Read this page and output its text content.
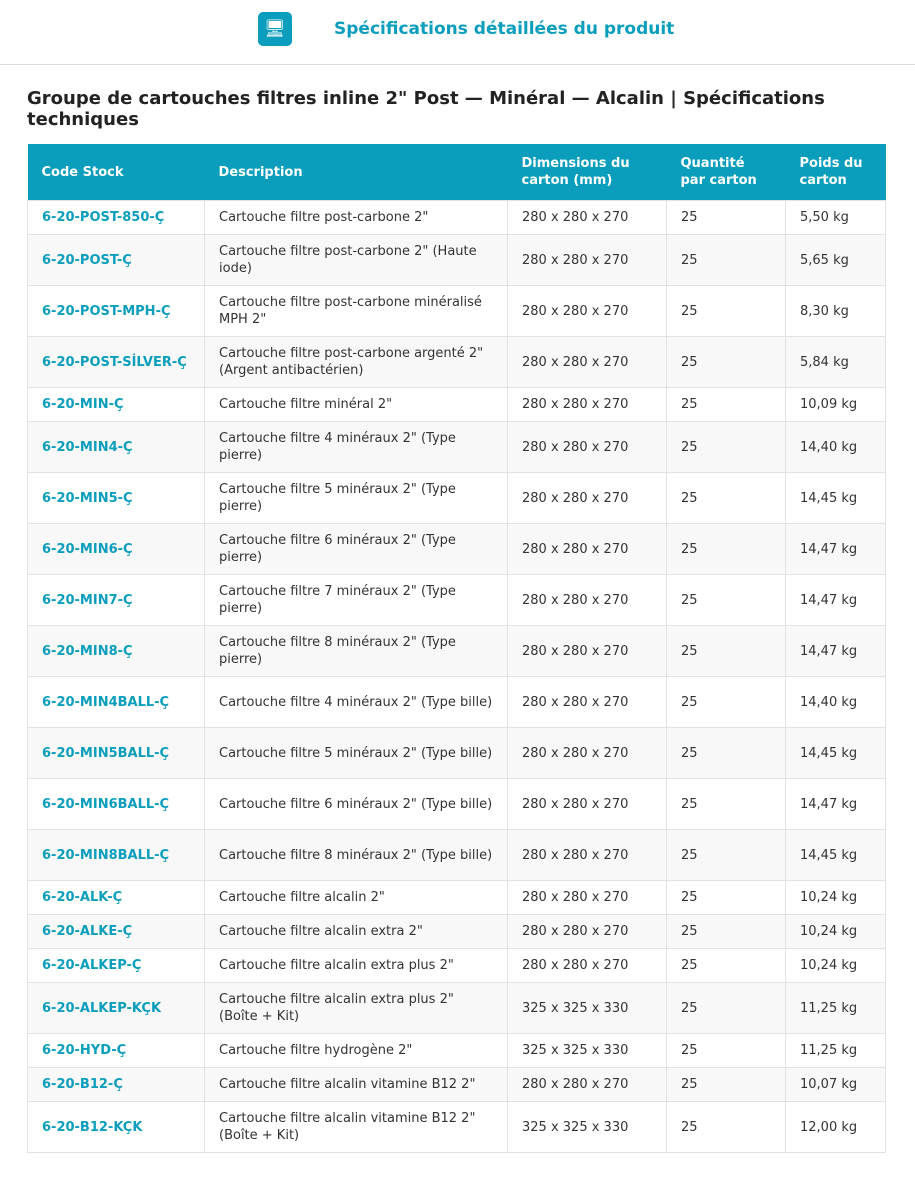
🖥	Spécifications détaillées du produit
Groupe de cartouches filtres inline 2" Post — Minéral — Alcalin | Spécifications techniques
Code Stock	Description	Dimensions du carton (mm)	Quantité par carton	Poids du carton
6-20-POST-850-Ç	Cartouche filtre post-carbone 2"	280 x 280 x 270	25	5,50 kg
6-20-POST-Ç	Cartouche filtre post-carbone 2" (Haute iode)	280 x 280 x 270	25	5,65 kg
6-20-POST-MPH-Ç	Cartouche filtre post-carbone minéralisé MPH 2"	280 x 280 x 270	25	8,30 kg
6-20-POST-SİLVER-Ç	Cartouche filtre post-carbone argenté 2" (Argent antibactérien)	280 x 280 x 270	25	5,84 kg
6-20-MIN-Ç	Cartouche filtre minéral 2"	280 x 280 x 270	25	10,09 kg
6-20-MIN4-Ç	Cartouche filtre 4 minéraux 2" (Type pierre)	280 x 280 x 270	25	14,40 kg
6-20-MIN5-Ç	Cartouche filtre 5 minéraux 2" (Type pierre)	280 x 280 x 270	25	14,45 kg
6-20-MIN6-Ç	Cartouche filtre 6 minéraux 2" (Type pierre)	280 x 280 x 270	25	14,47 kg
6-20-MIN7-Ç	Cartouche filtre 7 minéraux 2" (Type pierre)	280 x 280 x 270	25	14,47 kg
6-20-MIN8-Ç	Cartouche filtre 8 minéraux 2" (Type pierre)	280 x 280 x 270	25	14,47 kg
6-20-MIN4BALL-Ç	Cartouche filtre 4 minéraux 2" (Type bille)	280 x 280 x 270	25	14,40 kg
6-20-MIN5BALL-Ç	Cartouche filtre 5 minéraux 2" (Type bille)	280 x 280 x 270	25	14,45 kg
6-20-MIN6BALL-Ç	Cartouche filtre 6 minéraux 2" (Type bille)	280 x 280 x 270	25	14,47 kg
6-20-MIN8BALL-Ç	Cartouche filtre 8 minéraux 2" (Type bille)	280 x 280 x 270	25	14,45 kg
6-20-ALK-Ç	Cartouche filtre alcalin 2"	280 x 280 x 270	25	10,24 kg
6-20-ALKE-Ç	Cartouche filtre alcalin extra 2"	280 x 280 x 270	25	10,24 kg
6-20-ALKEP-Ç	Cartouche filtre alcalin extra plus 2"	280 x 280 x 270	25	10,24 kg
6-20-ALKEP-KÇK	Cartouche filtre alcalin extra plus 2" (Boîte + Kit)	325 x 325 x 330	25	11,25 kg
6-20-HYD-Ç	Cartouche filtre hydrogène 2"	325 x 325 x 330	25	11,25 kg
6-20-B12-Ç	Cartouche filtre alcalin vitamine B12 2"	280 x 280 x 270	25	10,07 kg
6-20-B12-KÇK	Cartouche filtre alcalin vitamine B12 2" (Boîte + Kit)	325 x 325 x 330	25	12,00 kg
